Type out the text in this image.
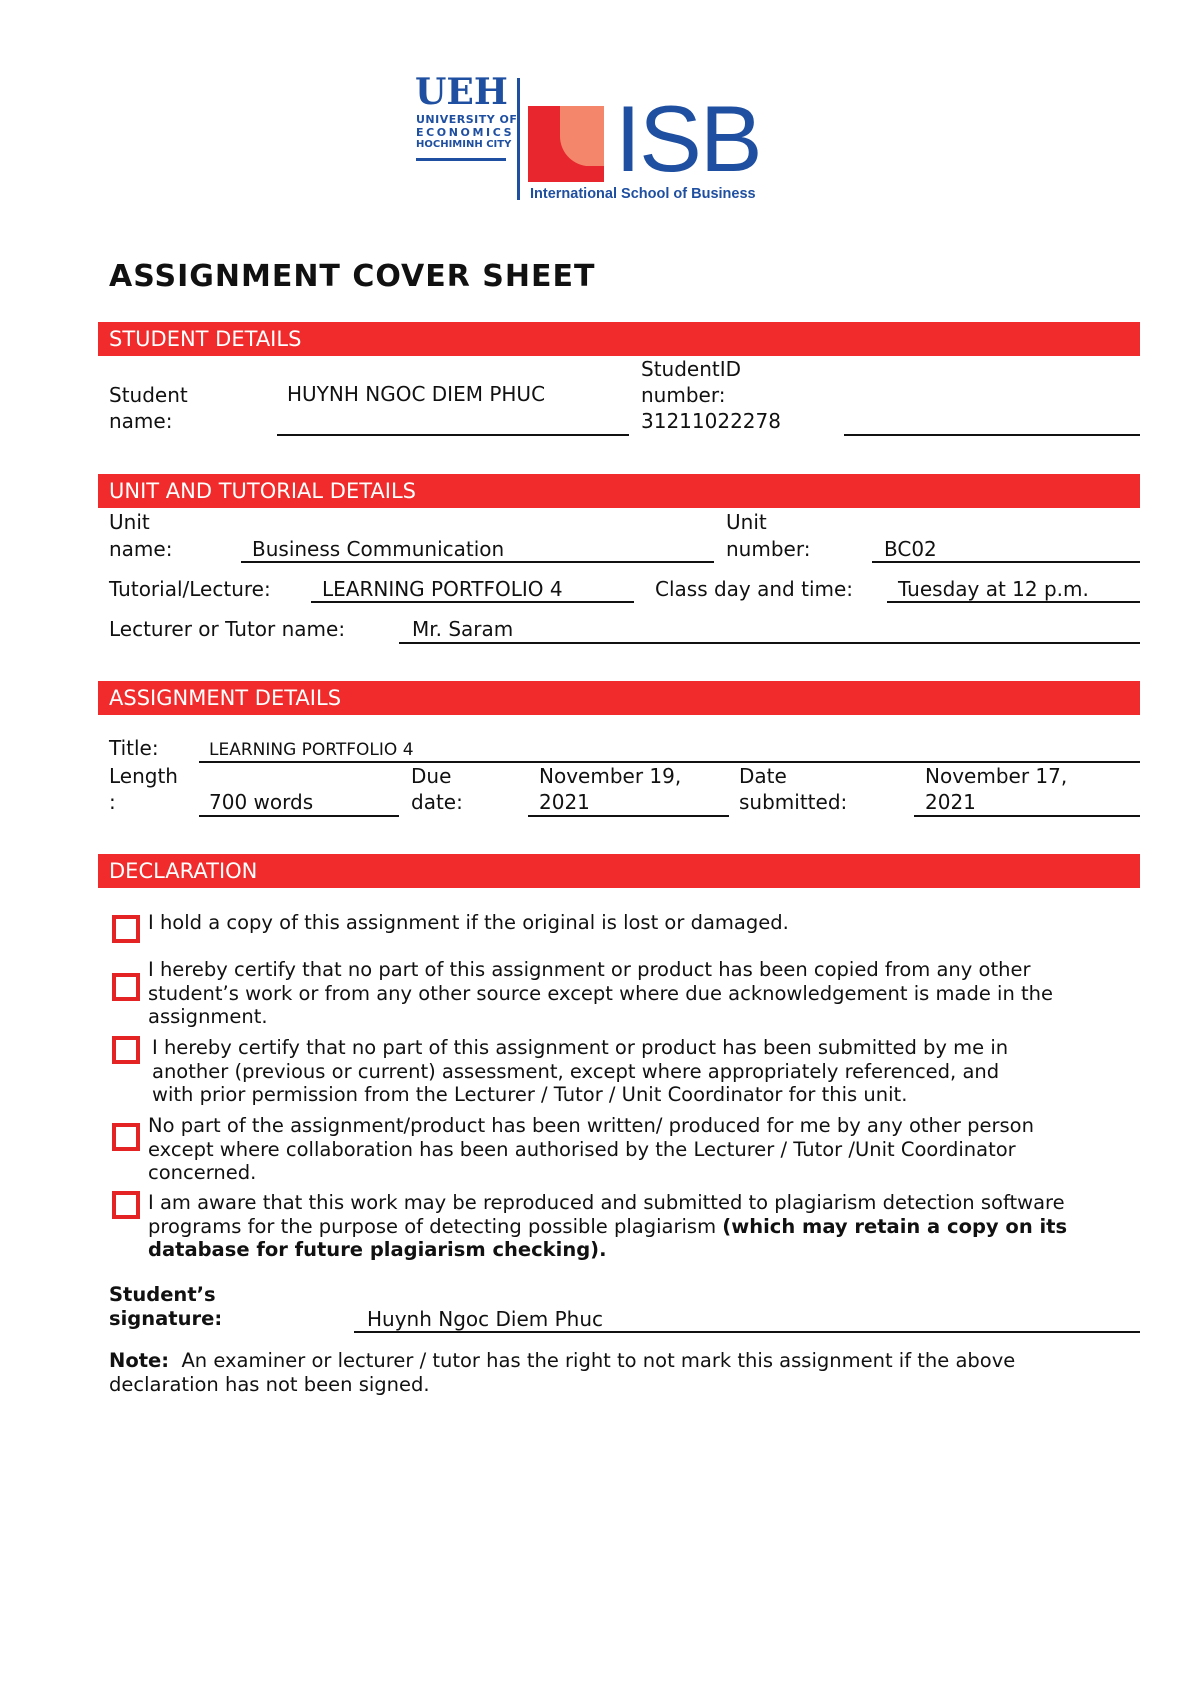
UEH
UNIVERSITY OF
ECONOMICS
HOCHIMINH CITY ISB
International School of Business
ASSIGNMENT COVER SHEET
STUDENT DETAILS
Student
name:
HUYNH NGOC DIEM PHUC
StudentID
number:
31211022278
UNIT AND TUTORIAL DETAILS
Unit
name:	Business Communication
Unit
number:	BC02
Tutorial/Lecture:	LEARNING PORTFOLIO 4	Class day and time: Tuesday at 12 p.m.
Lecturer or Tutor name:	Mr. Saram
ASSIGNMENT DETAILS
Title:	LEARNING PORTFOLIO 4
Length
:	700 words
Due
date:
November 19,
2021
Date
submitted:
November 17,
2021
DECLARATION
I hold a copy of this assignment if the original is lost or damaged.
I hereby certify that no part of this assignment or product has been copied from any other
student’s work or from any other source except where due acknowledgement is made in the
assignment.
I hereby certify that no part of this assignment or product has been submitted by me in
another (previous or current) assessment, except where appropriately referenced, and
with prior permission from the Lecturer / Tutor / Unit Coordinator for this unit.
No part of the assignment/product has been written/ produced for me by any other person
except where collaboration has been authorised by the Lecturer / Tutor /Unit Coordinator
concerned.
I am aware that this work may be reproduced and submitted to plagiarism detection software
programs for the purpose of detecting possible plagiarism (which may retain a copy on its
database for future plagiarism checking).
Student’s
signature:	Huynh Ngoc Diem Phuc
Note: An examiner or lecturer / tutor has the right to not mark this assignment if the above
declaration has not been signed.
